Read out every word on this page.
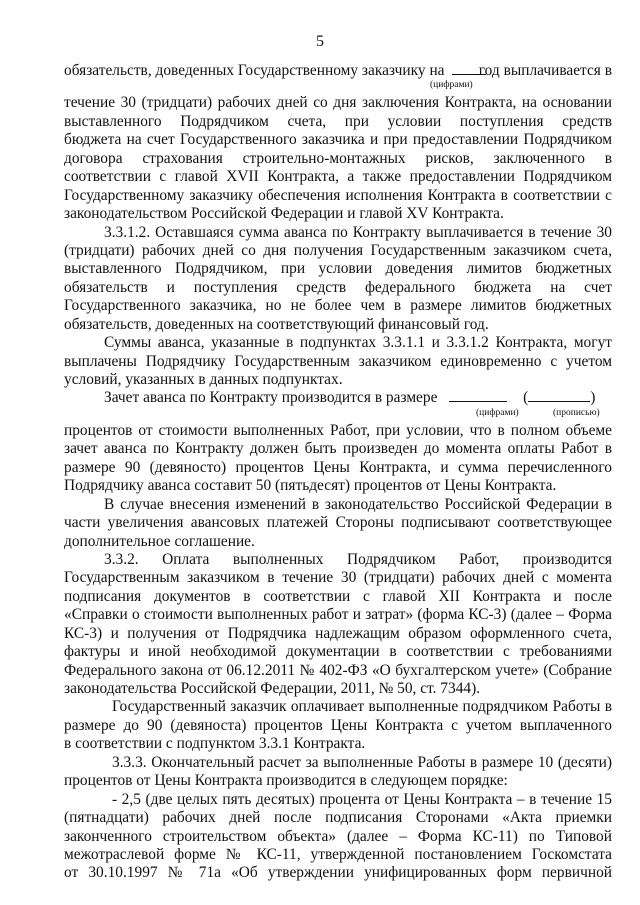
5
обязательств, доведенных Государственному заказчику на год выплачивается в
(цифрами)
течение 30 (тридцати) рабочих дней со дня заключения Контракта, на основании
выставленного Подрядчиком счета, при условии поступления средств
бюджета на счет Государственного заказчика и при предоставлении Подрядчиком
договора страхования строительно-монтажных рисков, заключенного в
соответствии с главой XVII Контракта, а также предоставлении Подрядчиком
Государственному заказчику обеспечения исполнения Контракта в соответствии с
законодательством Российской Федерации и главой XV Контракта.
3.3.1.2. Оставшаяся сумма аванса по Контракту выплачивается в течение 30
(тридцати) рабочих дней со дня получения Государственным заказчиком счета,
выставленного Подрядчиком, при условии доведения лимитов бюджетных
обязательств и поступления средств федерального бюджета на счет
Государственного заказчика, но не более чем в размере лимитов бюджетных
обязательств, доведенных на соответствующий финансовый год.
Суммы аванса, указанные в подпунктах 3.3.1.1 и 3.3.1.2 Контракта, могут
выплачены Подрядчику Государственным заказчиком единовременно с учетом
условий, указанных в данных подпунктах.
Зачет аванса по Контракту производится в размере	(	)
(цифрами)	(прописью)
процентов от стоимости выполненных Работ, при условии, что в полном объеме
зачет аванса по Контракту должен быть произведен до момента оплаты Работ в
размере 90 (девяносто) процентов Цены Контракта, и сумма перечисленного
Подрядчику аванса составит 50 (пятьдесят) процентов от Цены Контракта.
В случае внесения изменений в законодательство Российской Федерации в
части увеличения авансовых платежей Стороны подписывают соответствующее
дополнительное соглашение.
3.3.2. Оплата выполненных Подрядчиком Работ, производится
Государственным заказчиком в течение 30 (тридцати) рабочих дней с момента
подписания документов в соответствии с главой XII Контракта и после
«Справки о стоимости выполненных работ и затрат» (форма КС-3) (далее – Форма
КС-3) и получения от Подрядчика надлежащим образом оформленного счета,
фактуры и иной необходимой документации в соответствии с требованиями
Федерального закона от 06.12.2011 № 402-ФЗ «О бухгалтерском учете» (Собрание
законодательства Российской Федерации, 2011, № 50, ст. 7344).
Государственный заказчик оплачивает выполненные подрядчиком Работы в
размере до 90 (девяноста) процентов Цены Контракта с учетом выплаченного
в соответствии с подпунктом 3.3.1 Контракта.
3.3.3. Окончательный расчет за выполненные Работы в размере 10 (десяти)
процентов от Цены Контракта производится в следующем порядке:
- 2,5 (две целых пять десятых) процента от Цены Контракта – в течение 15
(пятнадцати) рабочих дней после подписания Сторонами «Акта приемки
законченного строительством объекта» (далее – Форма КС-11) по Типовой
межотраслевой форме № КС-11, утвержденной постановлением Госкомстата
от 30.10.1997 № 71а «Об утверждении унифицированных форм первичной
